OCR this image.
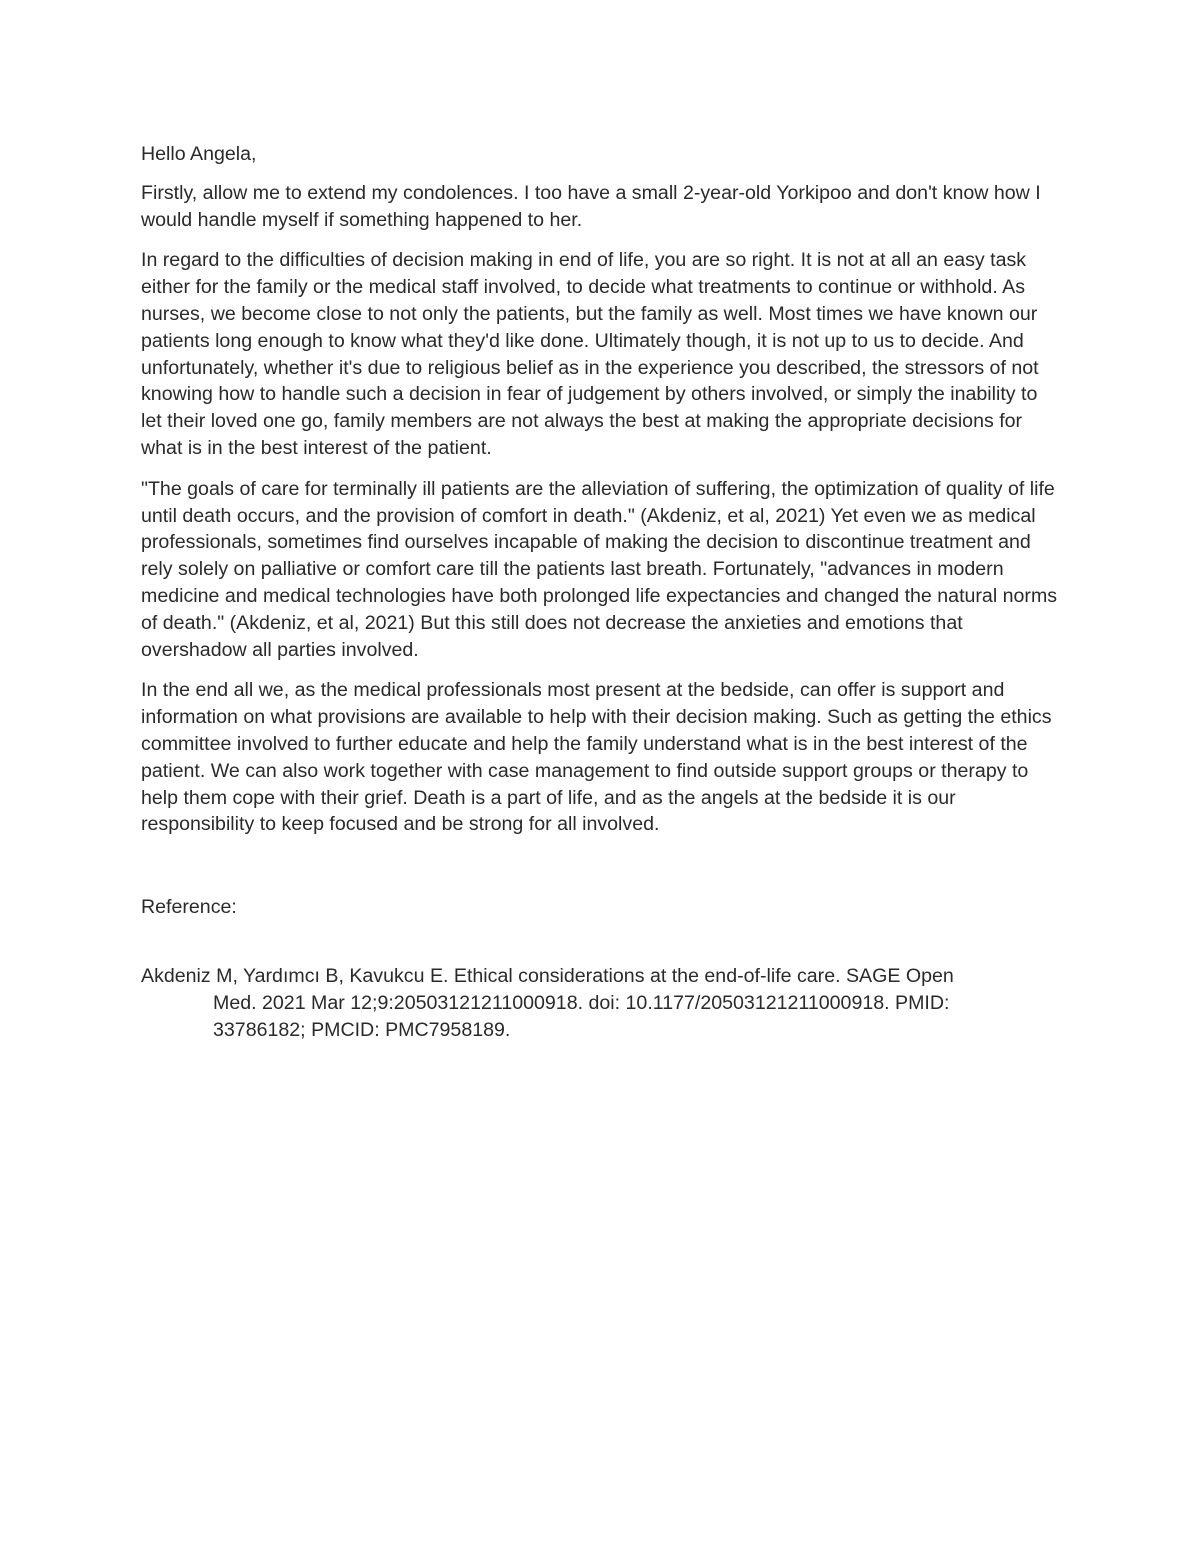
Hello Angela,

Firstly, allow me to extend my condolences. I too have a small 2-year-old Yorkipoo and don't know how I would handle myself if something happened to her.

In regard to the difficulties of decision making in end of life, you are so right. It is not at all an easy task either for the family or the medical staff involved, to decide what treatments to continue or withhold. As nurses, we become close to not only the patients, but the family as well. Most times we have known our patients long enough to know what they'd like done. Ultimately though, it is not up to us to decide. And unfortunately, whether it's due to religious belief as in the experience you described, the stressors of not knowing how to handle such a decision in fear of judgement by others involved, or simply the inability to let their loved one go, family members are not always the best at making the appropriate decisions for what is in the best interest of the patient.

"The goals of care for terminally ill patients are the alleviation of suffering, the optimization of quality of life until death occurs, and the provision of comfort in death." (Akdeniz, et al, 2021) Yet even we as medical professionals, sometimes find ourselves incapable of making the decision to discontinue treatment and rely solely on palliative or comfort care till the patients last breath. Fortunately, "advances in modern medicine and medical technologies have both prolonged life expectancies and changed the natural norms of death." (Akdeniz, et al, 2021) But this still does not decrease the anxieties and emotions that overshadow all parties involved.

In the end all we, as the medical professionals most present at the bedside, can offer is support and information on what provisions are available to help with their decision making. Such as getting the ethics committee involved to further educate and help the family understand what is in the best interest of the patient. We can also work together with case management to find outside support groups or therapy to help them cope with their grief. Death is a part of life, and as the angels at the bedside it is our responsibility to keep focused and be strong for all involved.

Reference:

Akdeniz M, Yardımcı B, Kavukcu E. Ethical considerations at the end-of-life care. SAGE Open Med. 2021 Mar 12;9:20503121211000918. doi: 10.1177/20503121211000918. PMID: 33786182; PMCID: PMC7958189.
